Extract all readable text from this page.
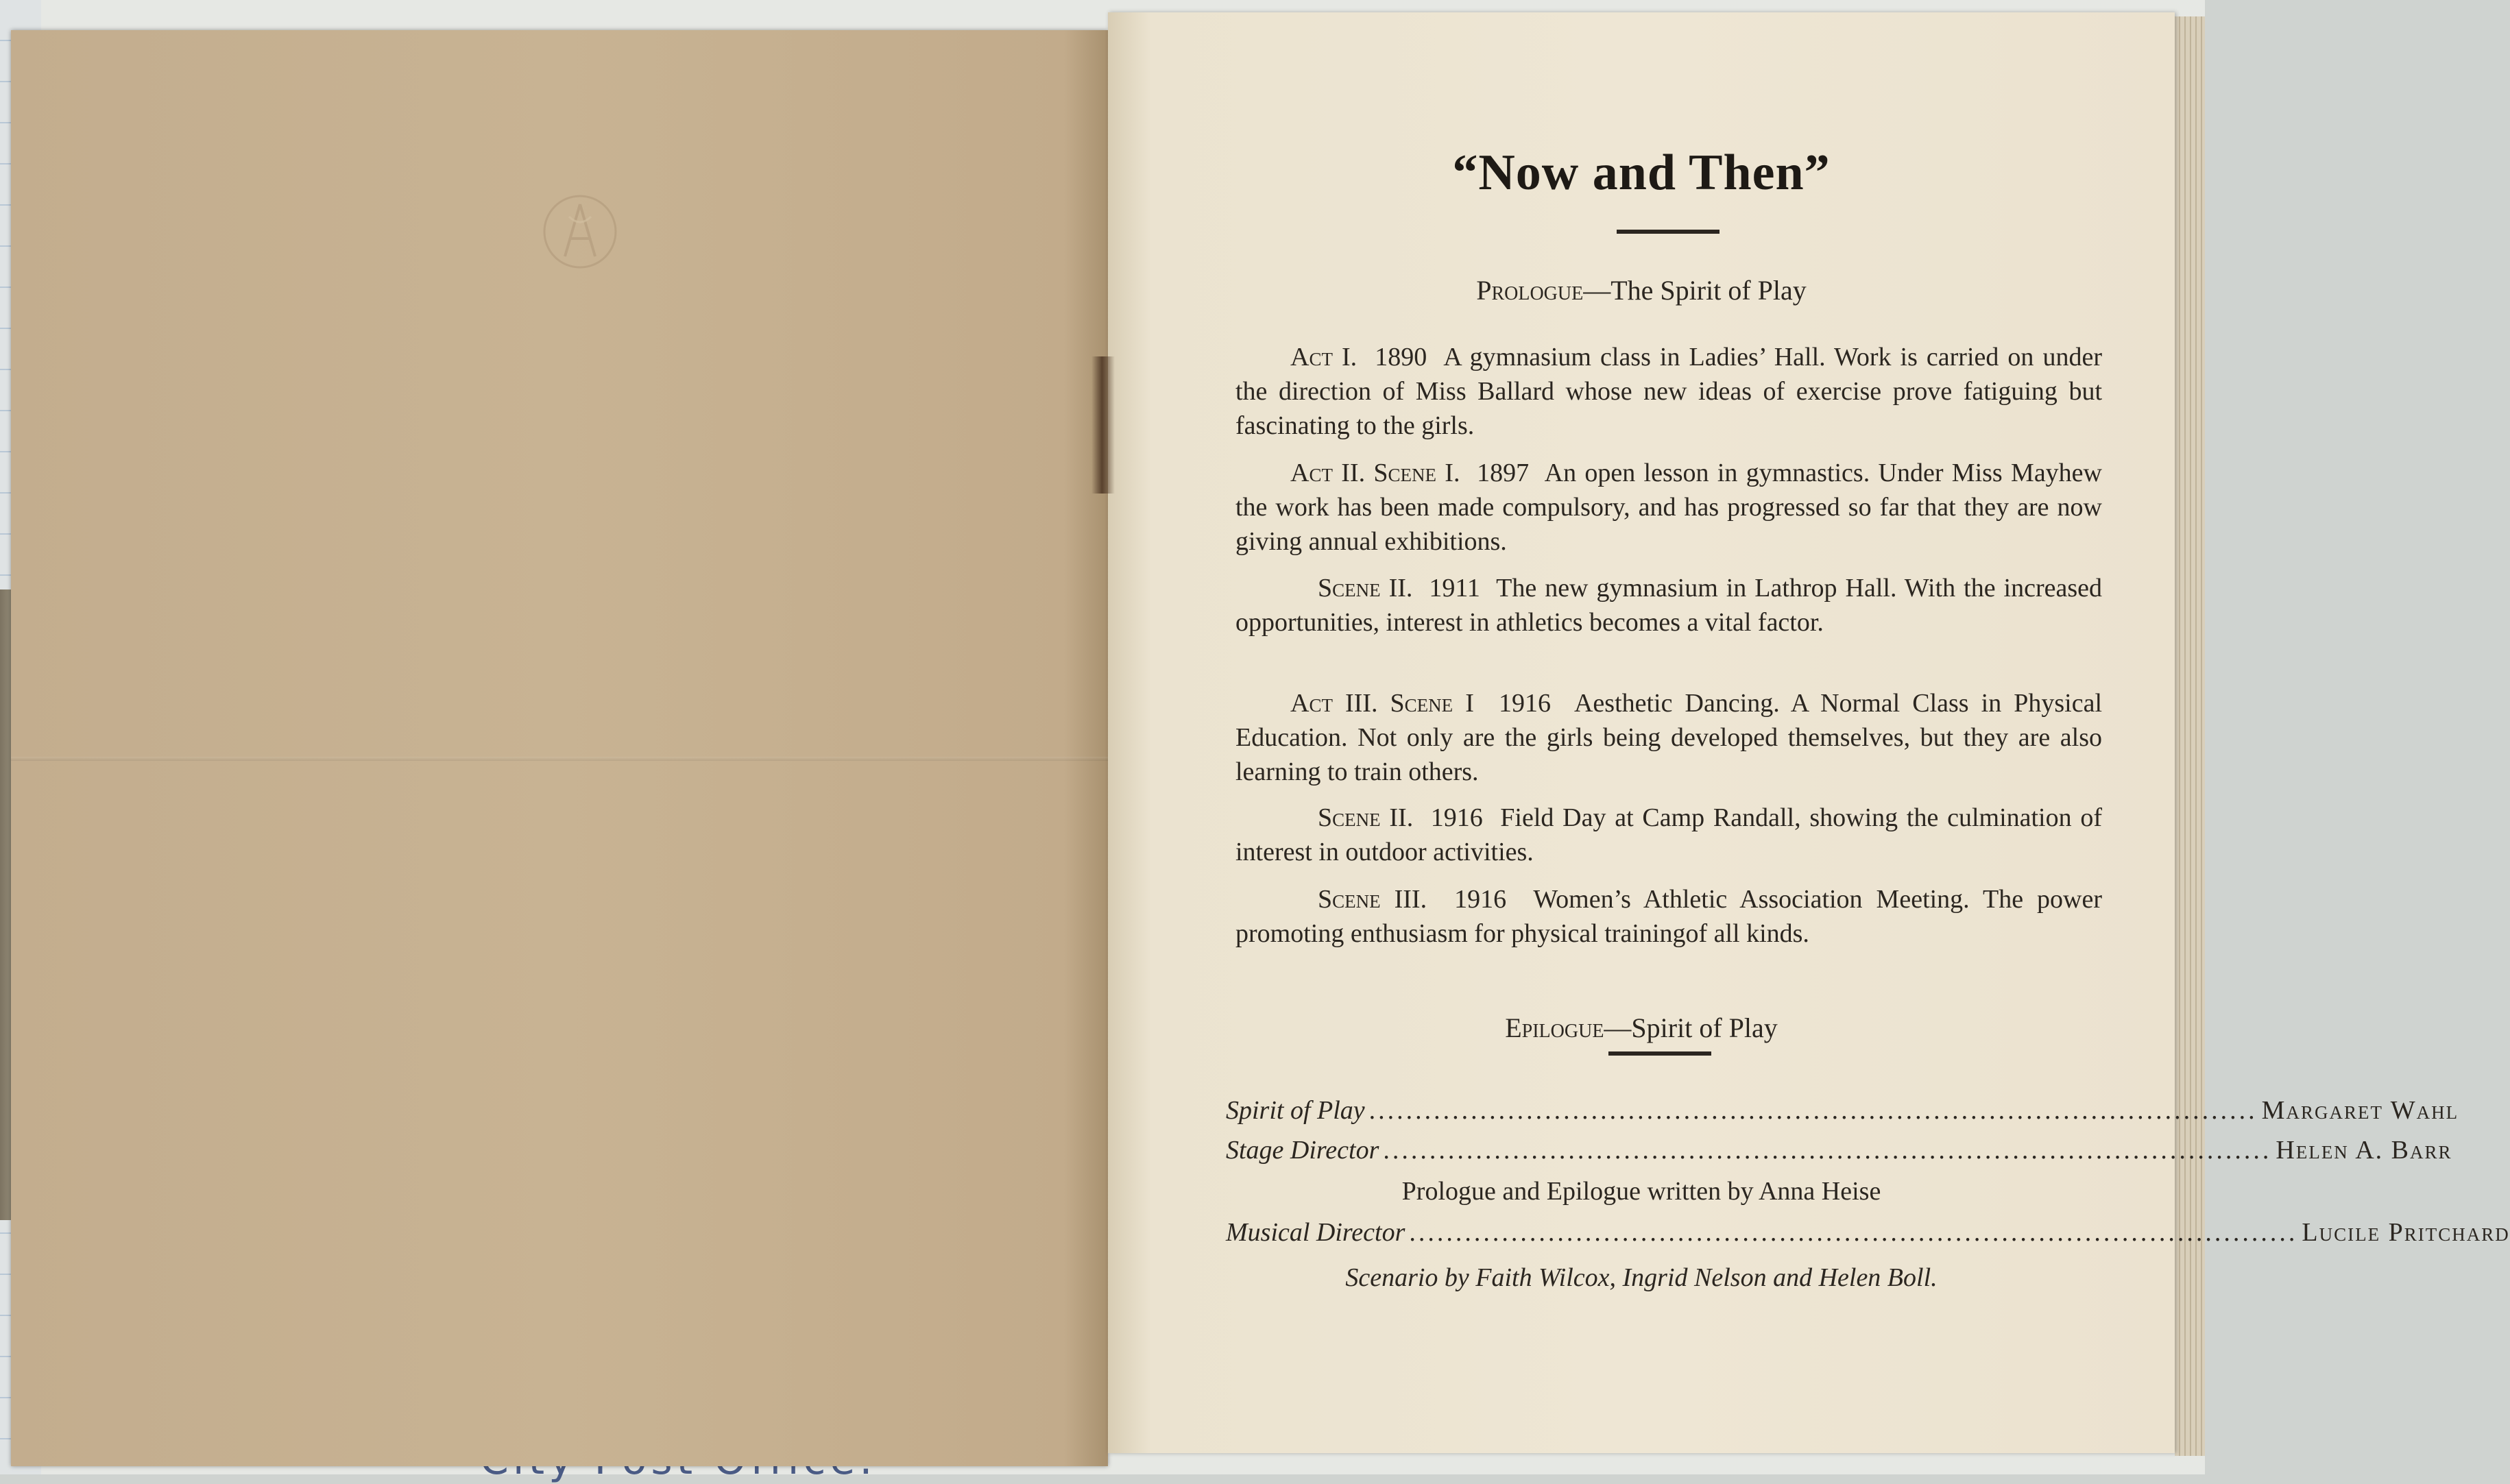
“Now and Then”
Prologue—The Spirit of Play
Act I. 1890 A gymnasium class in Ladies’ Hall. Work is carried on under the direction of Miss Ballard whose new ideas of exercise prove fatiguing but fascinating to the girls.
Act II. Scene I. 1897 An open lesson in gymnastics. Under Miss Mayhew the work has been made compulsory, and has progressed so far that they are now giving annual exhibitions.
Scene II. 1911 The new gymnasium in Lathrop Hall. With the increased opportunities, interest in athletics becomes a vital factor.
Act III. Scene I 1916 Aesthetic Dancing. A Normal Class in Physical Education. Not only are the girls being developed themselves, but they are also learning to train others.
Scene II. 1916 Field Day at Camp Randall, showing the culmination of interest in outdoor activities.
Scene III. 1916 Women’s Athletic Association Meeting. The power promoting enthusiasm for physical trainingof all kinds.
Epilogue—Spirit of Play
Spirit of Play ................................................................................................ Margaret Wahl
Stage Director ................................................................................................ Helen A. Barr
Prologue and Epilogue written by Anna Heise
Musical Director ................................................................................................ Lucile Pritchard
Scenario by Faith Wilcox, Ingrid Nelson and Helen Boll.
